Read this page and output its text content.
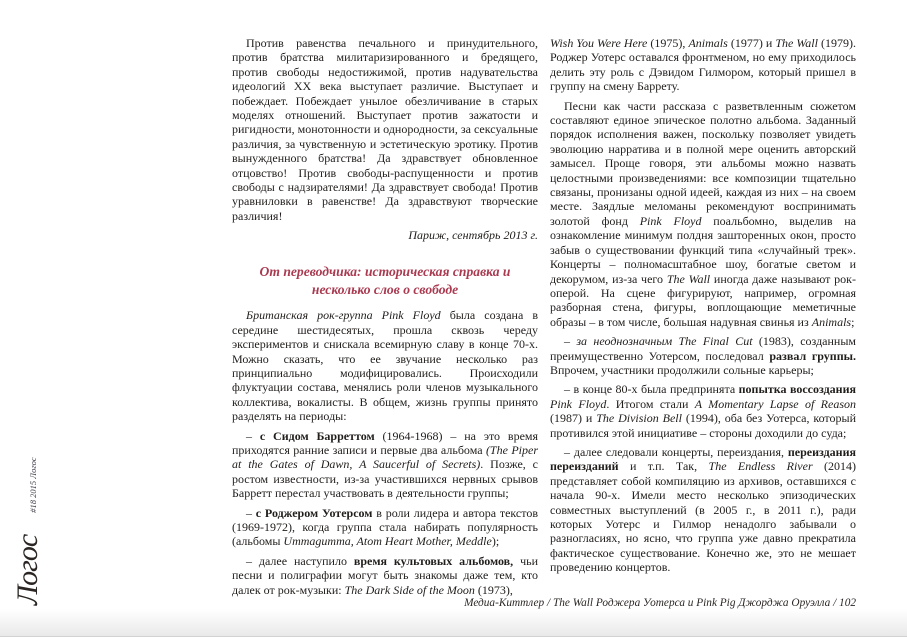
Логос
#18 2015 Логос

Против равенства печального и принудительного, против братства милитаризированного и бредящего, против свободы недостижимой, против надувательства идеологий XX века выступает различие. Выступает и побеждает. Побеждает унылое обезличивание в старых моделях отношений. Выступает против зажатости и ригидности, монотонности и однородности, за сексуальные различия, за чувственную и эстетическую эротику. Против вынужденного братства! Да здравствует обновленное отцовство! Против свободы-распущенности и против свободы с надзирателями! Да здравствует свобода! Против уравниловки в равенстве! Да здравствуют творческие различия!

Париж, сентябрь 2013 г.

От переводчика: историческая справка и несколько слов о свободе

Британская рок-группа Pink Floyd была создана в середине шестидесятых, прошла сквозь череду экспериментов и снискала всемирную славу в конце 70-х. Можно сказать, что ее звучание несколько раз принципиально модифицировались. Происходили флуктуации состава, менялись роли членов музыкального коллектива, вокалисты. В общем, жизнь группы принято разделять на периоды:

– с Сидом Барреттом (1964-1968) – на это время приходятся ранние записи и первые два альбома (The Piper at the Gates of Dawn, A Saucerful of Secrets). Позже, с ростом известности, из-за участившихся нервных срывов Барретт перестал участвовать в деятельности группы;

– с Роджером Уотерсом в роли лидера и автора текстов (1969-1972), когда группа стала набирать популярность (альбомы Ummagumma, Atom Heart Mother, Meddle);

– далее наступило время культовых альбомов, чьи песни и полиграфии могут быть знакомы даже тем, кто далек от рок-музыки: The Dark Side of the Moon (1973),

Wish You Were Here (1975), Animals (1977) и The Wall (1979). Роджер Уотерс оставался фронтменом, но ему приходилось делить эту роль с Дэвидом Гилмором, который пришел в группу на смену Баррету.

Песни как части рассказа с разветвленным сюжетом составляют единое эпическое полотно альбома. Заданный порядок исполнения важен, поскольку позволяет увидеть эволюцию нарратива и в полной мере оценить авторский замысел. Проще говоря, эти альбомы можно назвать целостными произведениями: все композиции тщательно связаны, пронизаны одной идеей, каждая из них – на своем месте. Заядлые меломаны рекомендуют воспринимать золотой фонд Pink Floyd поальбомно, выделив на ознакомление минимум полдня зашторенных окон, просто забыв о существовании функций типа «случайный трек». Концерты – полномасштабное шоу, богатые светом и декорумом, из-за чего The Wall иногда даже называют рок-оперой. На сцене фигурируют, например, огромная разборная стена, фигуры, воплощающие меметичные образы – в том числе, большая надувная свинья из Animals;

– за неоднозначным The Final Cut (1983), созданным преимущественно Уотерсом, последовал развал группы. Впрочем, участники продолжили сольные карьеры;

– в конце 80-х была предпринята попытка воссоздания Pink Floyd. Итогом стали A Momentary Lapse of Reason (1987) и The Division Bell (1994), оба без Уотерса, который противился этой инициативе – стороны доходили до суда;

– далее следовали концерты, переиздания, переиздания переизданий и т.п. Так, The Endless River (2014) представляет собой компиляцию из архивов, оставшихся с начала 90-х. Имели место несколько эпизодических совместных выступлений (в 2005 г., в 2011 г.), ради которых Уотерс и Гилмор ненадолго забывали о разногласиях, но ясно, что группа уже давно прекратила фактическое существование. Конечно же, это не мешает проведению концертов.

Медиа-Киттлер / The Wall Роджера Уотерса и Pink Pig Джорджа Оруэлла / 102
